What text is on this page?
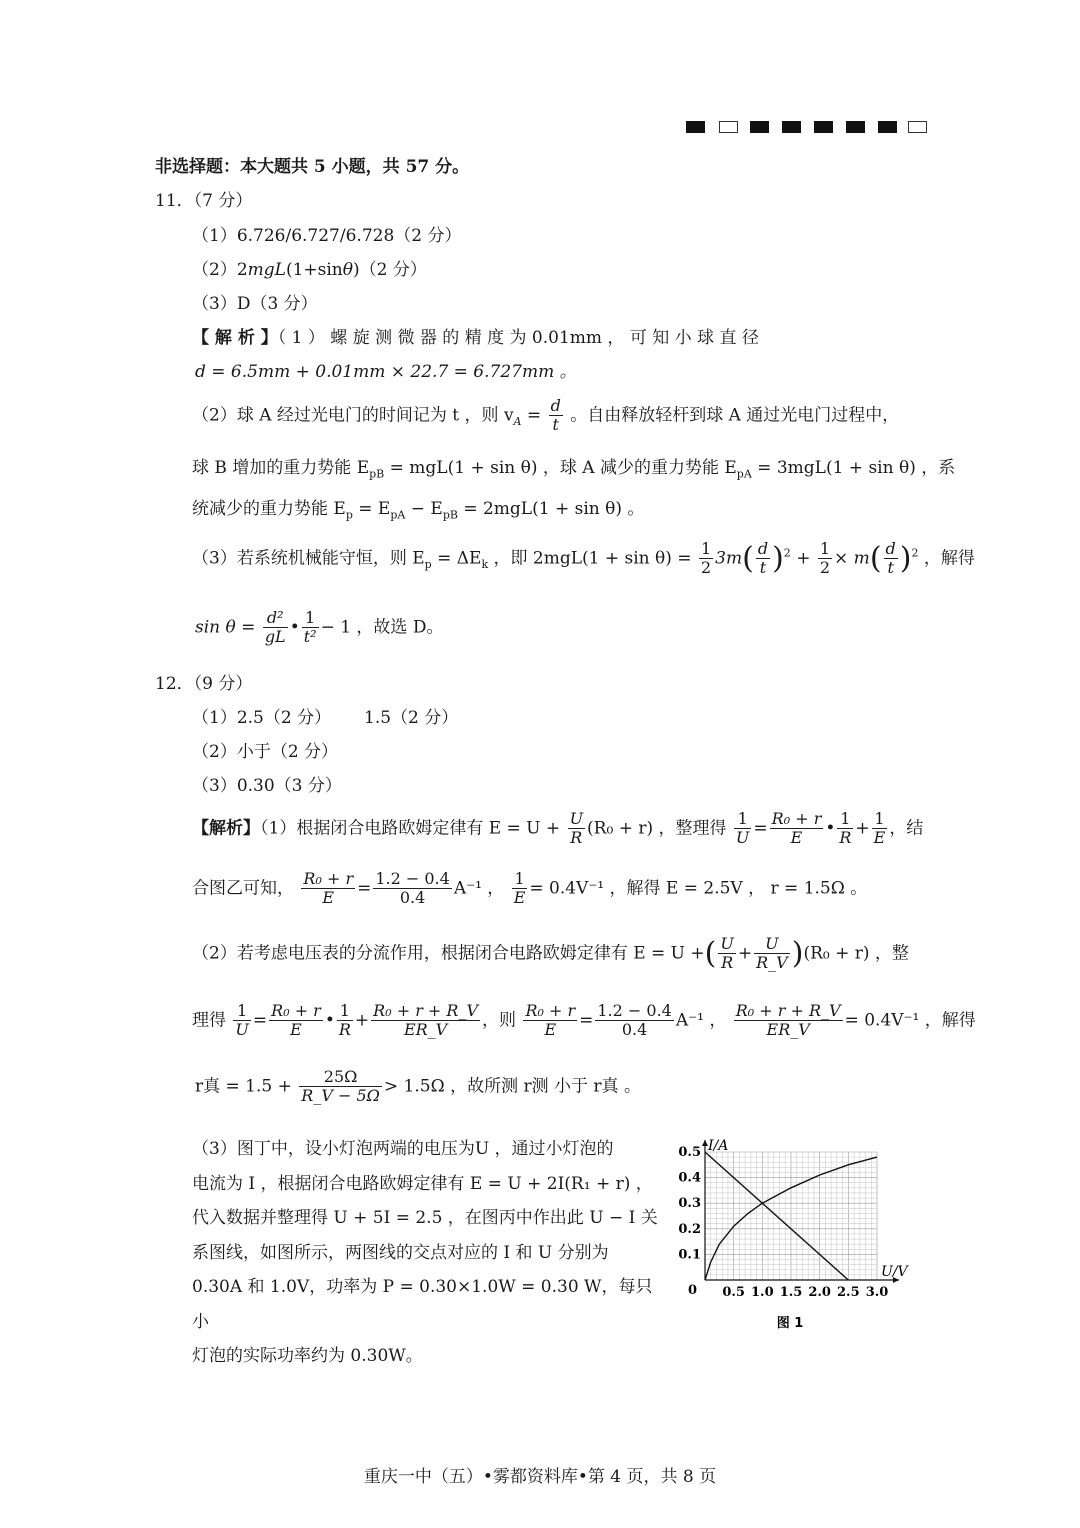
非选择题：本大题共 5 小题，共 57 分。
11．（7 分）
（1）6.726/6.727/6.728（2 分）
（2）2mgL(1+sinθ)（2 分）
（3）D（3 分）
【 解 析 】（ 1 ） 螺 旋 测 微 器 的 精 度 为 0.01mm ， 可 知 小 球 直 径
d = 6.5mm + 0.01mm × 22.7 = 6.727mm 。
（2）球 A 经过光电门的时间记为 t ，则 $v_A = \frac{d}{t}$ 。自由释放轻杆到球 A 通过光电门过程中，
球 B 增加的重力势能 $E_{pB} = mgL(1 + \sin \theta)$ ，球 A 减少的重力势能 $E_{pA} = 3mgL(1 + \sin \theta)$ ，系
统减少的重力势能 $E_p = E_{pA} - E_{pB} = 2mgL(1 + \sin \theta)$ 。
（3）若系统机械能守恒，则 $E_p = \Delta E_k$ ，即 $2mgL(1 + \sin \theta) = \frac{1}{2} 3m( \frac{d}{t} )^2 + \frac{1}{2} \times m( \frac{d}{t} )^2$ ，解得
$\sin \theta = \frac{\text{d²}}{gL}$ • $\frac{1}{\text{t²}} - 1$ ，故选 D。
12．（9 分）
（1）2.5（2 分） 1.5（2 分）
（2）小于（2 分）
（3）0.30（3 分）
【解析】（1）根据闭合电路欧姆定律有 $E = U + \frac{U}{R} (R_0 + r)$ ，整理得 $\frac{1}{U} = \frac{\text{R₀ + r}}{E}$ • $\frac{1}{R} + \frac{1}{E}$ ，结
合图乙可知， $\frac{\text{R₀ + r}}{E} = \frac{1.2 - 0.4}{0.4} A^{-1}$ ， $\frac{1}{E} = 0.4V^{-1}$ ，解得 E = 2.5V ， r = 1.5Ω 。
（2）若考虑电压表的分流作用，根据闭合电路欧姆定律有 E = U +( $\frac{U}{R} + \frac{U}{R\_V} )(R_0 + r)$ ，整
理得 $\frac{1}{U} = \frac{\text{R₀ + r}}{E}$ • $\frac{1}{R} + \frac{\text{R₀ + r + R\_V}}{ER\_V}$ ，则 $\frac{\text{R₀ + r}}{E} = \frac{1.2 - 0.4}{0.4} A^{-1}$ ， $\frac{\text{R₀ + r + R\_V}}{ER\_V} = 0.4V^{-1}$ ，解得
r真 = $1.5 + \frac{25\Omega}{R\_V - 5\Omega} > 1.5\Omega$ ，故所测 r测 小于 r真 。
（3）图丁中，设小灯泡两端的电压为U ，通过小灯泡的
电流为 I ，根据闭合电路欧姆定律有 E = U + 2I(R₁ + r) ，
代入数据并整理得 U + 5I = 2.5 ，在图丙中作出此 U − I 关
系图线，如图所示，两图线的交点对应的 I 和 U 分别为
0.30A 和 1.0V，功率为 P = 0.30×1.0W = 0.30 W，每只小
灯泡的实际功率约为 0.30W。
I/A
U/V
0.5 1.0 1.5 2.0 2.5 3.0
0.1
0.2
0.3
0.4
0.5
0
图 1
重庆一中（五）•雾都资料库•第 4 页，共 8 页
